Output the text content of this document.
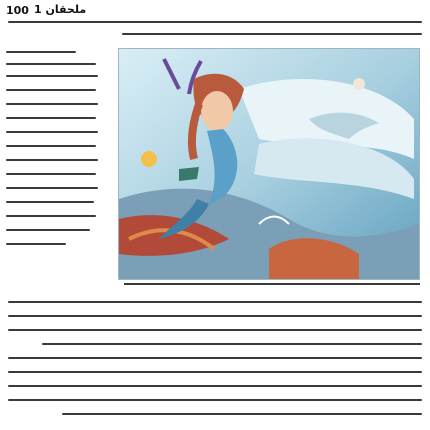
100 ملحقان 1
